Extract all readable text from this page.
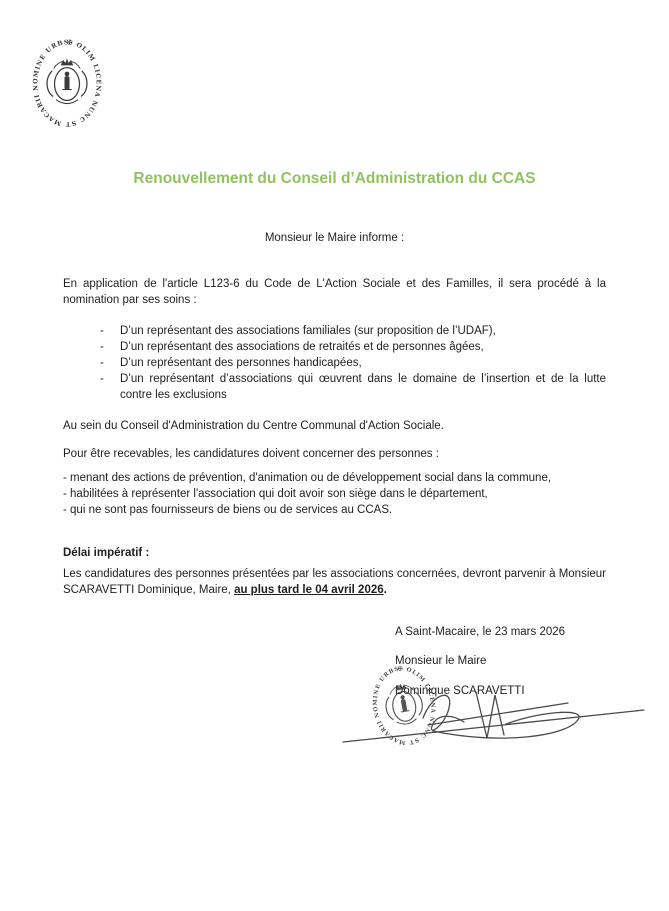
Renouvellement du Conseil d’Administration du CCAS
Monsieur le Maire informe :
En application de l'article L123-6 du Code de L'Action Sociale et des Familles, il sera procédé à la nomination par ses soins :
-	D’un représentant des associations familiales (sur proposition de l’UDAF),
-	D’un représentant des associations de retraités et de personnes âgées,
-	D’un représentant des personnes handicapées,
-	D’un représentant d’associations qui œuvrent dans le domaine de l’insertion et de la lutte contre les exclusions
Au sein du Conseil d'Administration du Centre Communal d'Action Sociale.
Pour être recevables, les candidatures doivent concerner des personnes :
- menant des actions de prévention, d'animation ou de développement social dans la commune,
- habilitées à représenter l'association qui doit avoir son siège dans le département,
- qui ne sont pas fournisseurs de biens ou de services au CCAS.
Délai impératif :
Les candidatures des personnes présentées par les associations concernées, devront parvenir à Monsieur SCARAVETTI Dominique, Maire, au plus tard le 04 avril 2026.
A Saint-Macaire, le 23 mars 2026
Monsieur le Maire
Dominique SCARAVETTI
